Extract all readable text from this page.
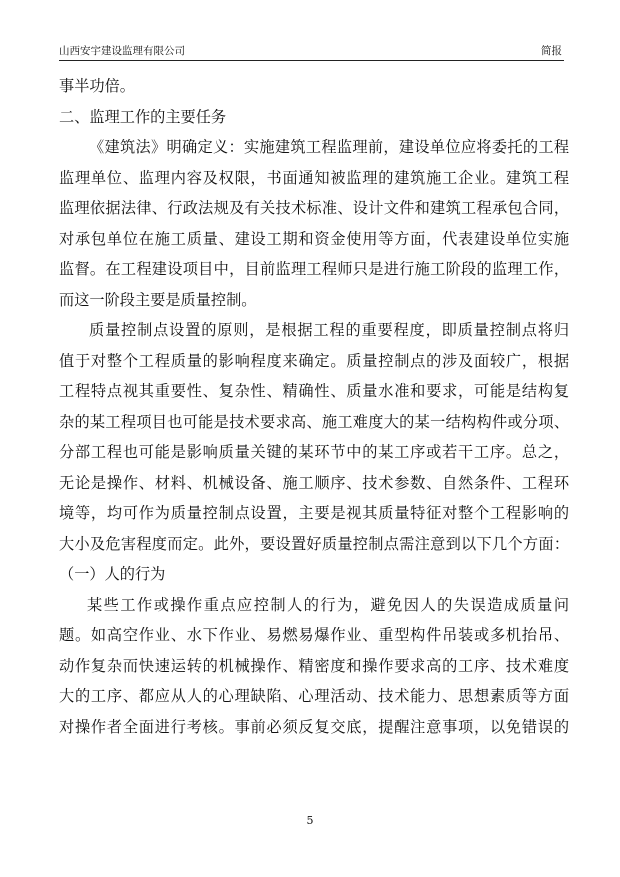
山西安宇建设监理有限公司	简报
事半功倍。
二、监理工作的主要任务
《建筑法》明确定义：实施建筑工程监理前，建设单位应将委托的工程
监理单位、监理内容及权限，书面通知被监理的建筑施工企业。建筑工程
监理依据法律、行政法规及有关技术标准、设计文件和建筑工程承包合同，
对承包单位在施工质量、建设工期和资金使用等方面，代表建设单位实施
监督。在工程建设项目中，目前监理工程师只是进行施工阶段的监理工作，
而这一阶段主要是质量控制。
质量控制点设置的原则，是根据工程的重要程度，即质量控制点将归
值于对整个工程质量的影响程度来确定。质量控制点的涉及面较广，根据
工程特点视其重要性、复杂性、精确性、质量水准和要求，可能是结构复
杂的某工程项目也可能是技术要求高、施工难度大的某一结构构件或分项、
分部工程也可能是影响质量关键的某环节中的某工序或若干工序。总之，
无论是操作、材料、机械设备、施工顺序、技术参数、自然条件、工程环
境等，均可作为质量控制点设置，主要是视其质量特征对整个工程影响的
大小及危害程度而定。此外，要设置好质量控制点需注意到以下几个方面：
（一）人的行为
某些工作或操作重点应控制人的行为，避免因人的失误造成质量问
题。如高空作业、水下作业、易燃易爆作业、重型构件吊装或多机抬吊、
动作复杂而快速运转的机械操作、精密度和操作要求高的工序、技术难度
大的工序、都应从人的心理缺陷、心理活动、技术能力、思想素质等方面
对操作者全面进行考核。事前必须反复交底，提醒注意事项，以免错误的
5
